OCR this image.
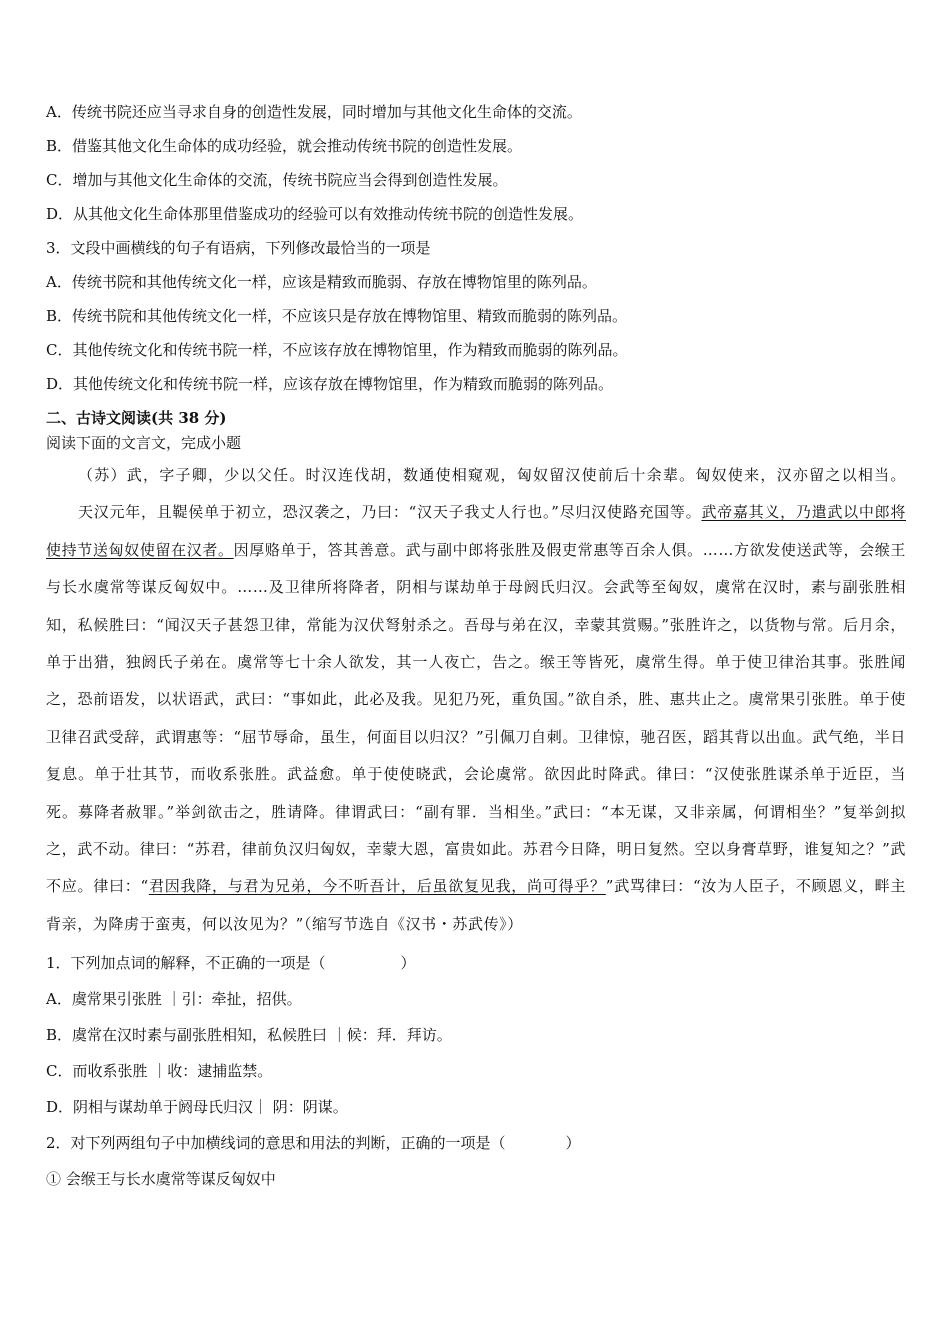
A．传统书院还应当寻求自身的创造性发展，同时增加与其他文化生命体的交流。
B．借鉴其他文化生命体的成功经验，就会推动传统书院的创造性发展。
C．增加与其他文化生命体的交流，传统书院应当会得到创造性发展。
D．从其他文化生命体那里借鉴成功的经验可以有效推动传统书院的创造性发展。
3．文段中画横线的句子有语病，下列修改最恰当的一项是
A．传统书院和其他传统文化一样，应该是精致而脆弱、存放在博物馆里的陈列品。
B．传统书院和其他传统文化一样，不应该只是存放在博物馆里、精致而脆弱的陈列品。
C．其他传统文化和传统书院一样，不应该存放在博物馆里，作为精致而脆弱的陈列品。
D．其他传统文化和传统书院一样，应该存放在博物馆里，作为精致而脆弱的陈列品。
二、古诗文阅读(共 38 分)
阅读下面的文言文，完成小题

（苏）武，字子卿，少以父任。时汉连伐胡，数通使相窥观，匈奴留汉使前后十余辈。匈奴使来，汉亦留之以相当。

天汉元年，且鞮侯单于初立，恐汉袭之，乃曰：“汉天子我丈人行也。”尽归汉使路充国等。武帝嘉其义，乃遣武以中郎将使持节送匈奴使留在汉者。因厚赂单于，答其善意。武与副中郎将张胜及假吏常惠等百余人俱。……方欲发使送武等，会缑王与长水虞常等谋反匈奴中。……及卫律所将降者，阴相与谋劫单于母阏氏归汉。会武等至匈奴，虞常在汉时，素与副张胜相知，私候胜曰：“闻汉天子甚怨卫律，常能为汉伏弩射杀之。吾母与弟在汉，幸蒙其赏赐。”张胜许之，以货物与常。后月余，单于出猎，独阏氏子弟在。虞常等七十余人欲发，其一人夜亡，告之。缑王等皆死，虞常生得。单于使卫律治其事。张胜闻之，恐前语发，以状语武，武曰：“事如此，此必及我。见犯乃死，重负国。”欲自杀，胜、惠共止之。虞常果引张胜。单于使卫律召武受辞，武谓惠等：“屈节辱命，虽生，何面目以归汉？”引佩刀自刺。卫律惊，驰召医，蹈其背以出血。武气绝，半日复息。单于壮其节，而收系张胜。武益愈。单于使使晓武，会论虞常。欲因此时降武。律曰：“汉使张胜谋杀单于近臣，当死。募降者赦罪。”举剑欲击之，胜请降。律谓武曰：“副有罪．当相坐。”武曰：“本无谋，又非亲属，何谓相坐？”复举剑拟之，武不动。律曰：“苏君，律前负汉归匈奴，幸蒙大恩，富贵如此。苏君今日降，明日复然。空以身膏草野，谁复知之？”武不应。律曰：“君因我降，与君为兄弟，今不听吾计，后虽欲复见我，尚可得乎？”武骂律曰：“汝为人臣子，不顾恩义，畔主背亲，为降虏于蛮夷，何以汝见为？”（缩写节选自《汉书・苏武传》）

1．下列加点词的解释，不正确的一项是（　　　　　）
A．虞常果引张胜 ｜引：牵扯，招供。
B．虞常在汉时素与副张胜相知，私候胜曰 ｜候：拜．拜访。
C．而收系张胜 ｜收：逮捕监禁。
D．阴相与谋劫单于阏母氏归汉｜ 阴：阴谋。
2．对下列两组句子中加横线词的意思和用法的判断，正确的一项是（　　　　）
① 会缑王与长水虞常等谋反匈奴中
